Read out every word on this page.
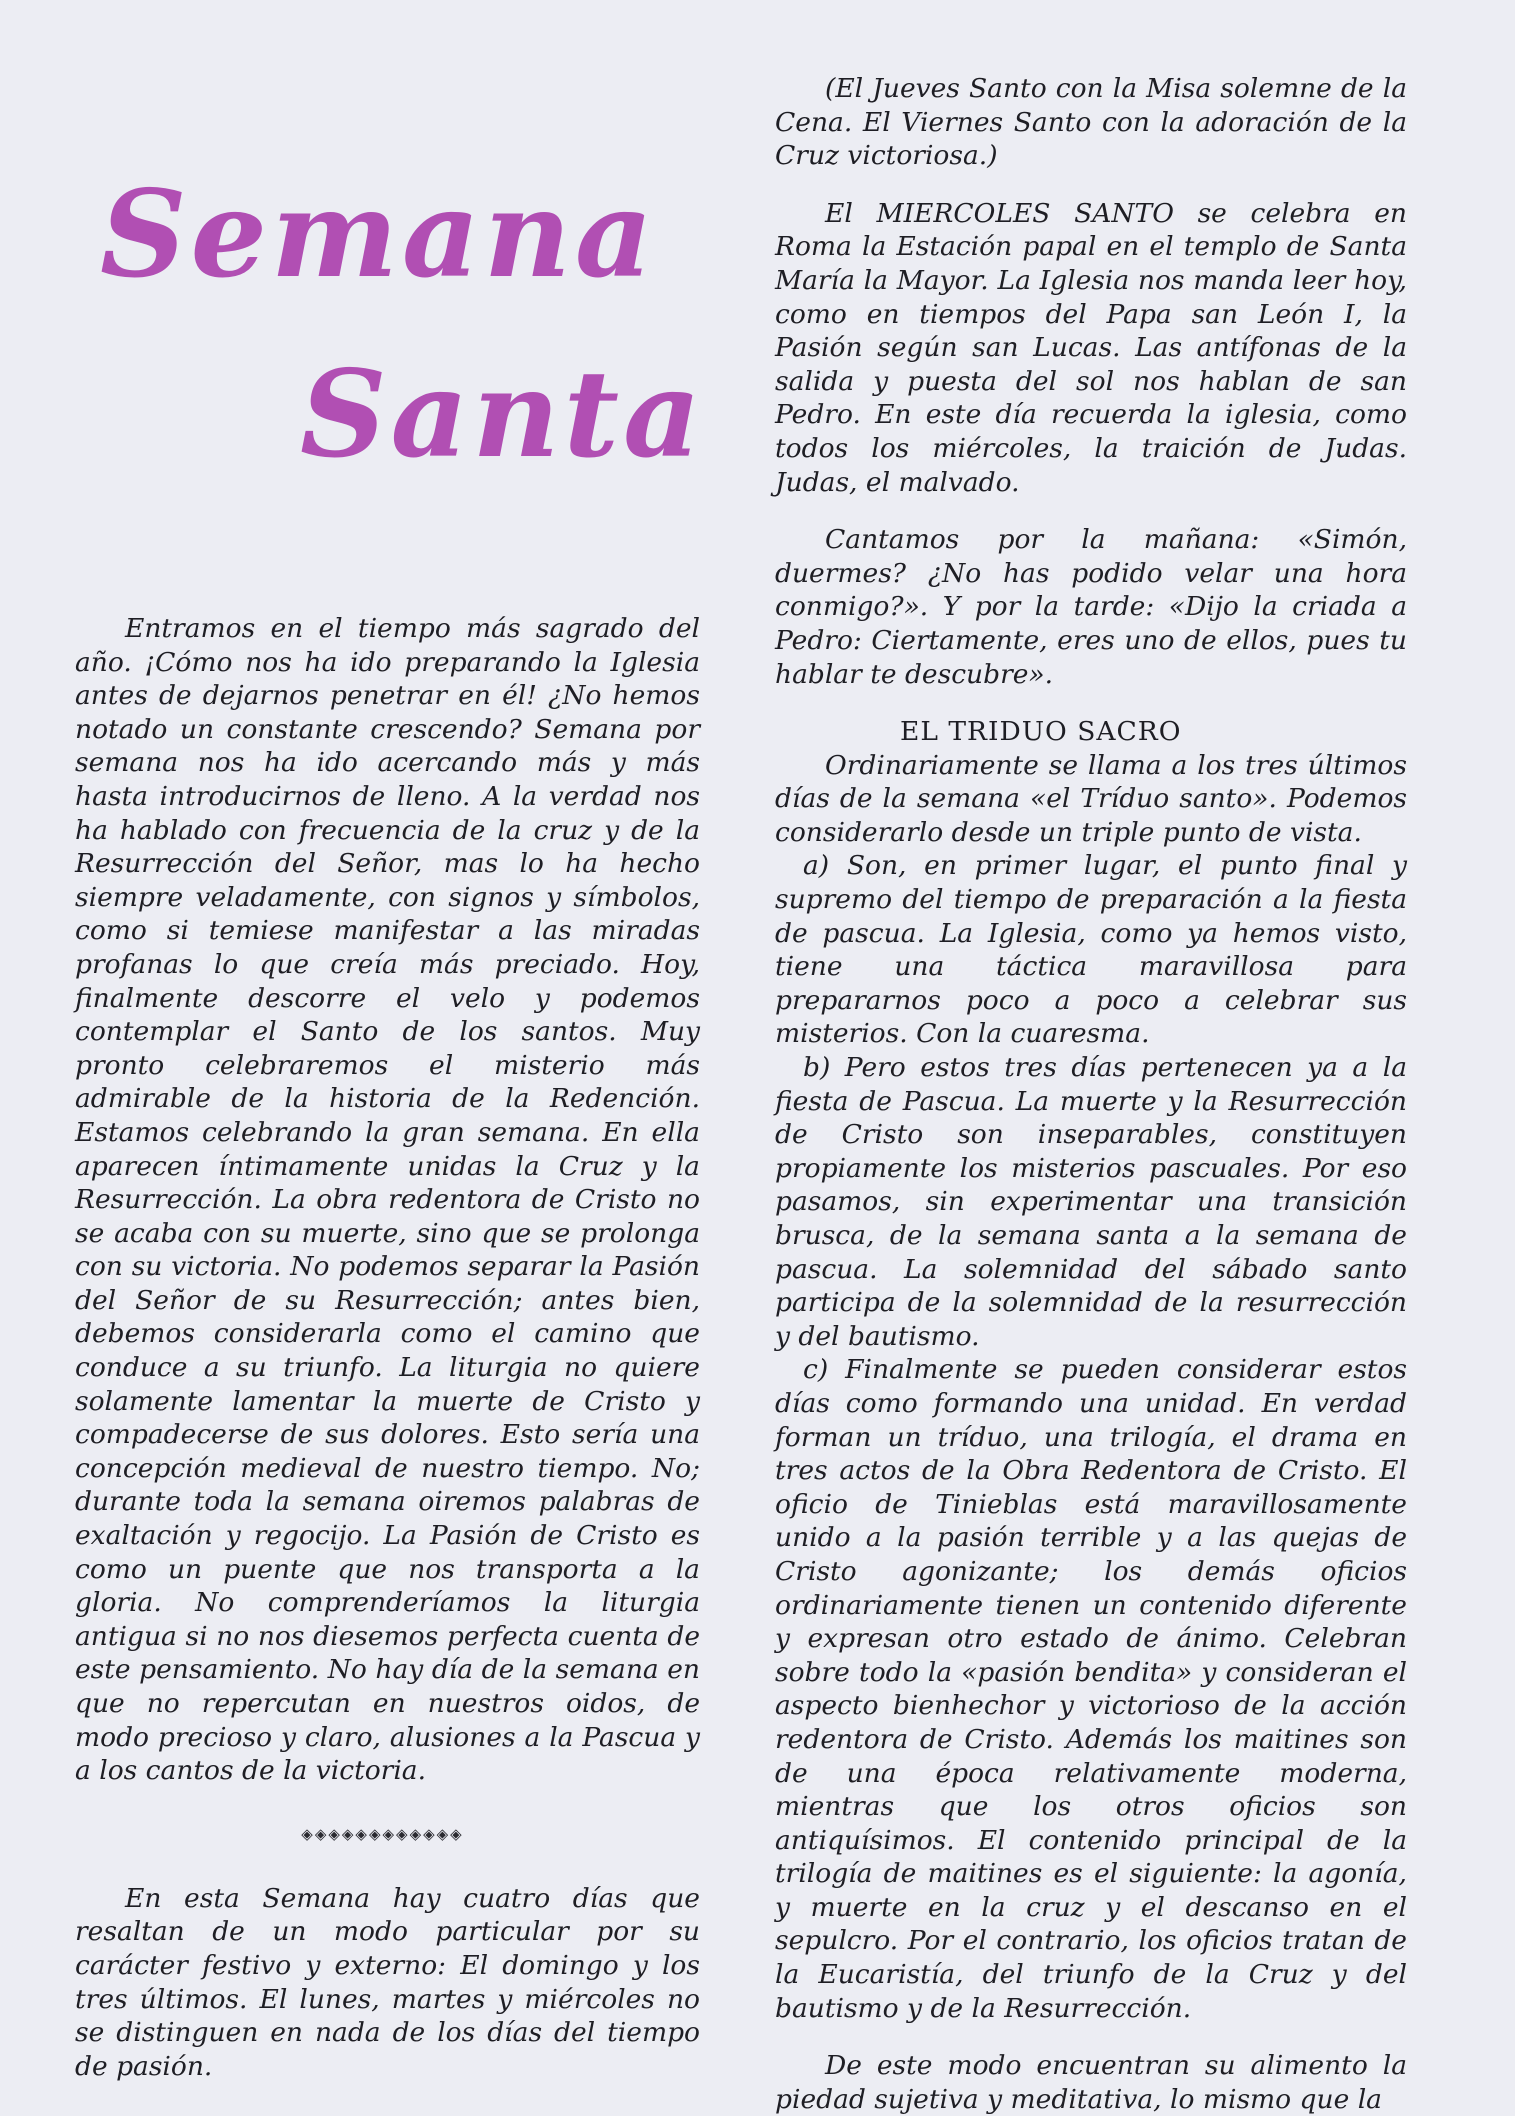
Semana
Santa

Entramos en el tiempo más sagrado del año. ¡Cómo nos ha ido preparando la Iglesia antes de dejarnos penetrar en él! ¿No hemos notado un constante crescendo? Semana por semana nos ha ido acercando más y más hasta introducirnos de lleno. A la verdad nos ha hablado con frecuencia de la cruz y de la Resurrección del Señor, mas lo ha hecho siempre veladamente, con signos y símbolos, como si temiese manifestar a las miradas profanas lo que creía más preciado. Hoy, finalmente descorre el velo y podemos contemplar el Santo de los santos. Muy pronto celebraremos el misterio más admirable de la historia de la Redención. Estamos celebrando la gran semana. En ella aparecen íntimamente unidas la Cruz y la Resurrección. La obra redentora de Cristo no se acaba con su muerte, sino que se prolonga con su victoria. No podemos separar la Pasión del Señor de su Resurrección; antes bien, debemos considerarla como el camino que conduce a su triunfo. La liturgia no quiere solamente lamentar la muerte de Cristo y compadecerse de sus dolores. Esto sería una concepción medieval de nuestro tiempo. No; durante toda la semana oiremos palabras de exaltación y regocijo. La Pasión de Cristo es como un puente que nos transporta a la gloria. No comprenderíamos la liturgia antigua si no nos diesemos perfecta cuenta de este pensamiento. No hay día de la semana en que no repercutan en nuestros oidos, de modo precioso y claro, alusiones a la Pascua y a los cantos de la victoria.

◈◈◈◈◈◈◈◈◈◈◈◈

En esta Semana hay cuatro días que resaltan de un modo particular por su carácter festivo y externo: El domingo y los tres últimos. El lunes, martes y miércoles no se distinguen en nada de los días del tiempo de pasión.

(El Jueves Santo con la Misa solemne de la Cena. El Viernes Santo con la adoración de la Cruz victoriosa.)

El MIERCOLES SANTO se celebra en Roma la Estación papal en el templo de Santa María la Mayor. La Iglesia nos manda leer hoy, como en tiempos del Papa san León I, la Pasión según san Lucas. Las antífonas de la salida y puesta del sol nos hablan de san Pedro. En este día recuerda la iglesia, como todos los miércoles, la traición de Judas. Judas, el malvado.

Cantamos por la mañana: «Simón, duermes? ¿No has podido velar una hora conmigo?». Y por la tarde: «Dijo la criada a Pedro: Ciertamente, eres uno de ellos, pues tu hablar te descubre».

EL TRIDUO SACRO

Ordinariamente se llama a los tres últimos días de la semana «el Tríduo santo». Podemos considerarlo desde un triple punto de vista.

a) Son, en primer lugar, el punto final y supremo del tiempo de preparación a la fiesta de pascua. La Iglesia, como ya hemos visto, tiene una táctica maravillosa para prepararnos poco a poco a celebrar sus misterios. Con la cuaresma.

b) Pero estos tres días pertenecen ya a la fiesta de Pascua. La muerte y la Resurrección de Cristo son inseparables, constituyen propiamente los misterios pascuales. Por eso pasamos, sin experimentar una transición brusca, de la semana santa a la semana de pascua. La solemnidad del sábado santo participa de la solemnidad de la resurrección y del bautismo.

c) Finalmente se pueden considerar estos días como formando una unidad. En verdad forman un tríduo, una trilogía, el drama en tres actos de la Obra Redentora de Cristo. El oficio de Tinieblas está maravillosamente unido a la pasión terrible y a las quejas de Cristo agonizante; los demás oficios ordinariamente tienen un contenido diferente y expresan otro estado de ánimo. Celebran sobre todo la «pasión bendita» y consideran el aspecto bienhechor y victorioso de la acción redentora de Cristo. Además los maitines son de una época relativamente moderna, mientras que los otros oficios son antiquísimos. El contenido principal de la trilogía de maitines es el siguiente: la agonía, y muerte en la cruz y el descanso en el sepulcro. Por el contrario, los oficios tratan de la Eucaristía, del triunfo de la Cruz y del bautismo y de la Resurrección.

De este modo encuentran su alimento la piedad sujetiva y meditativa, lo mismo que la
